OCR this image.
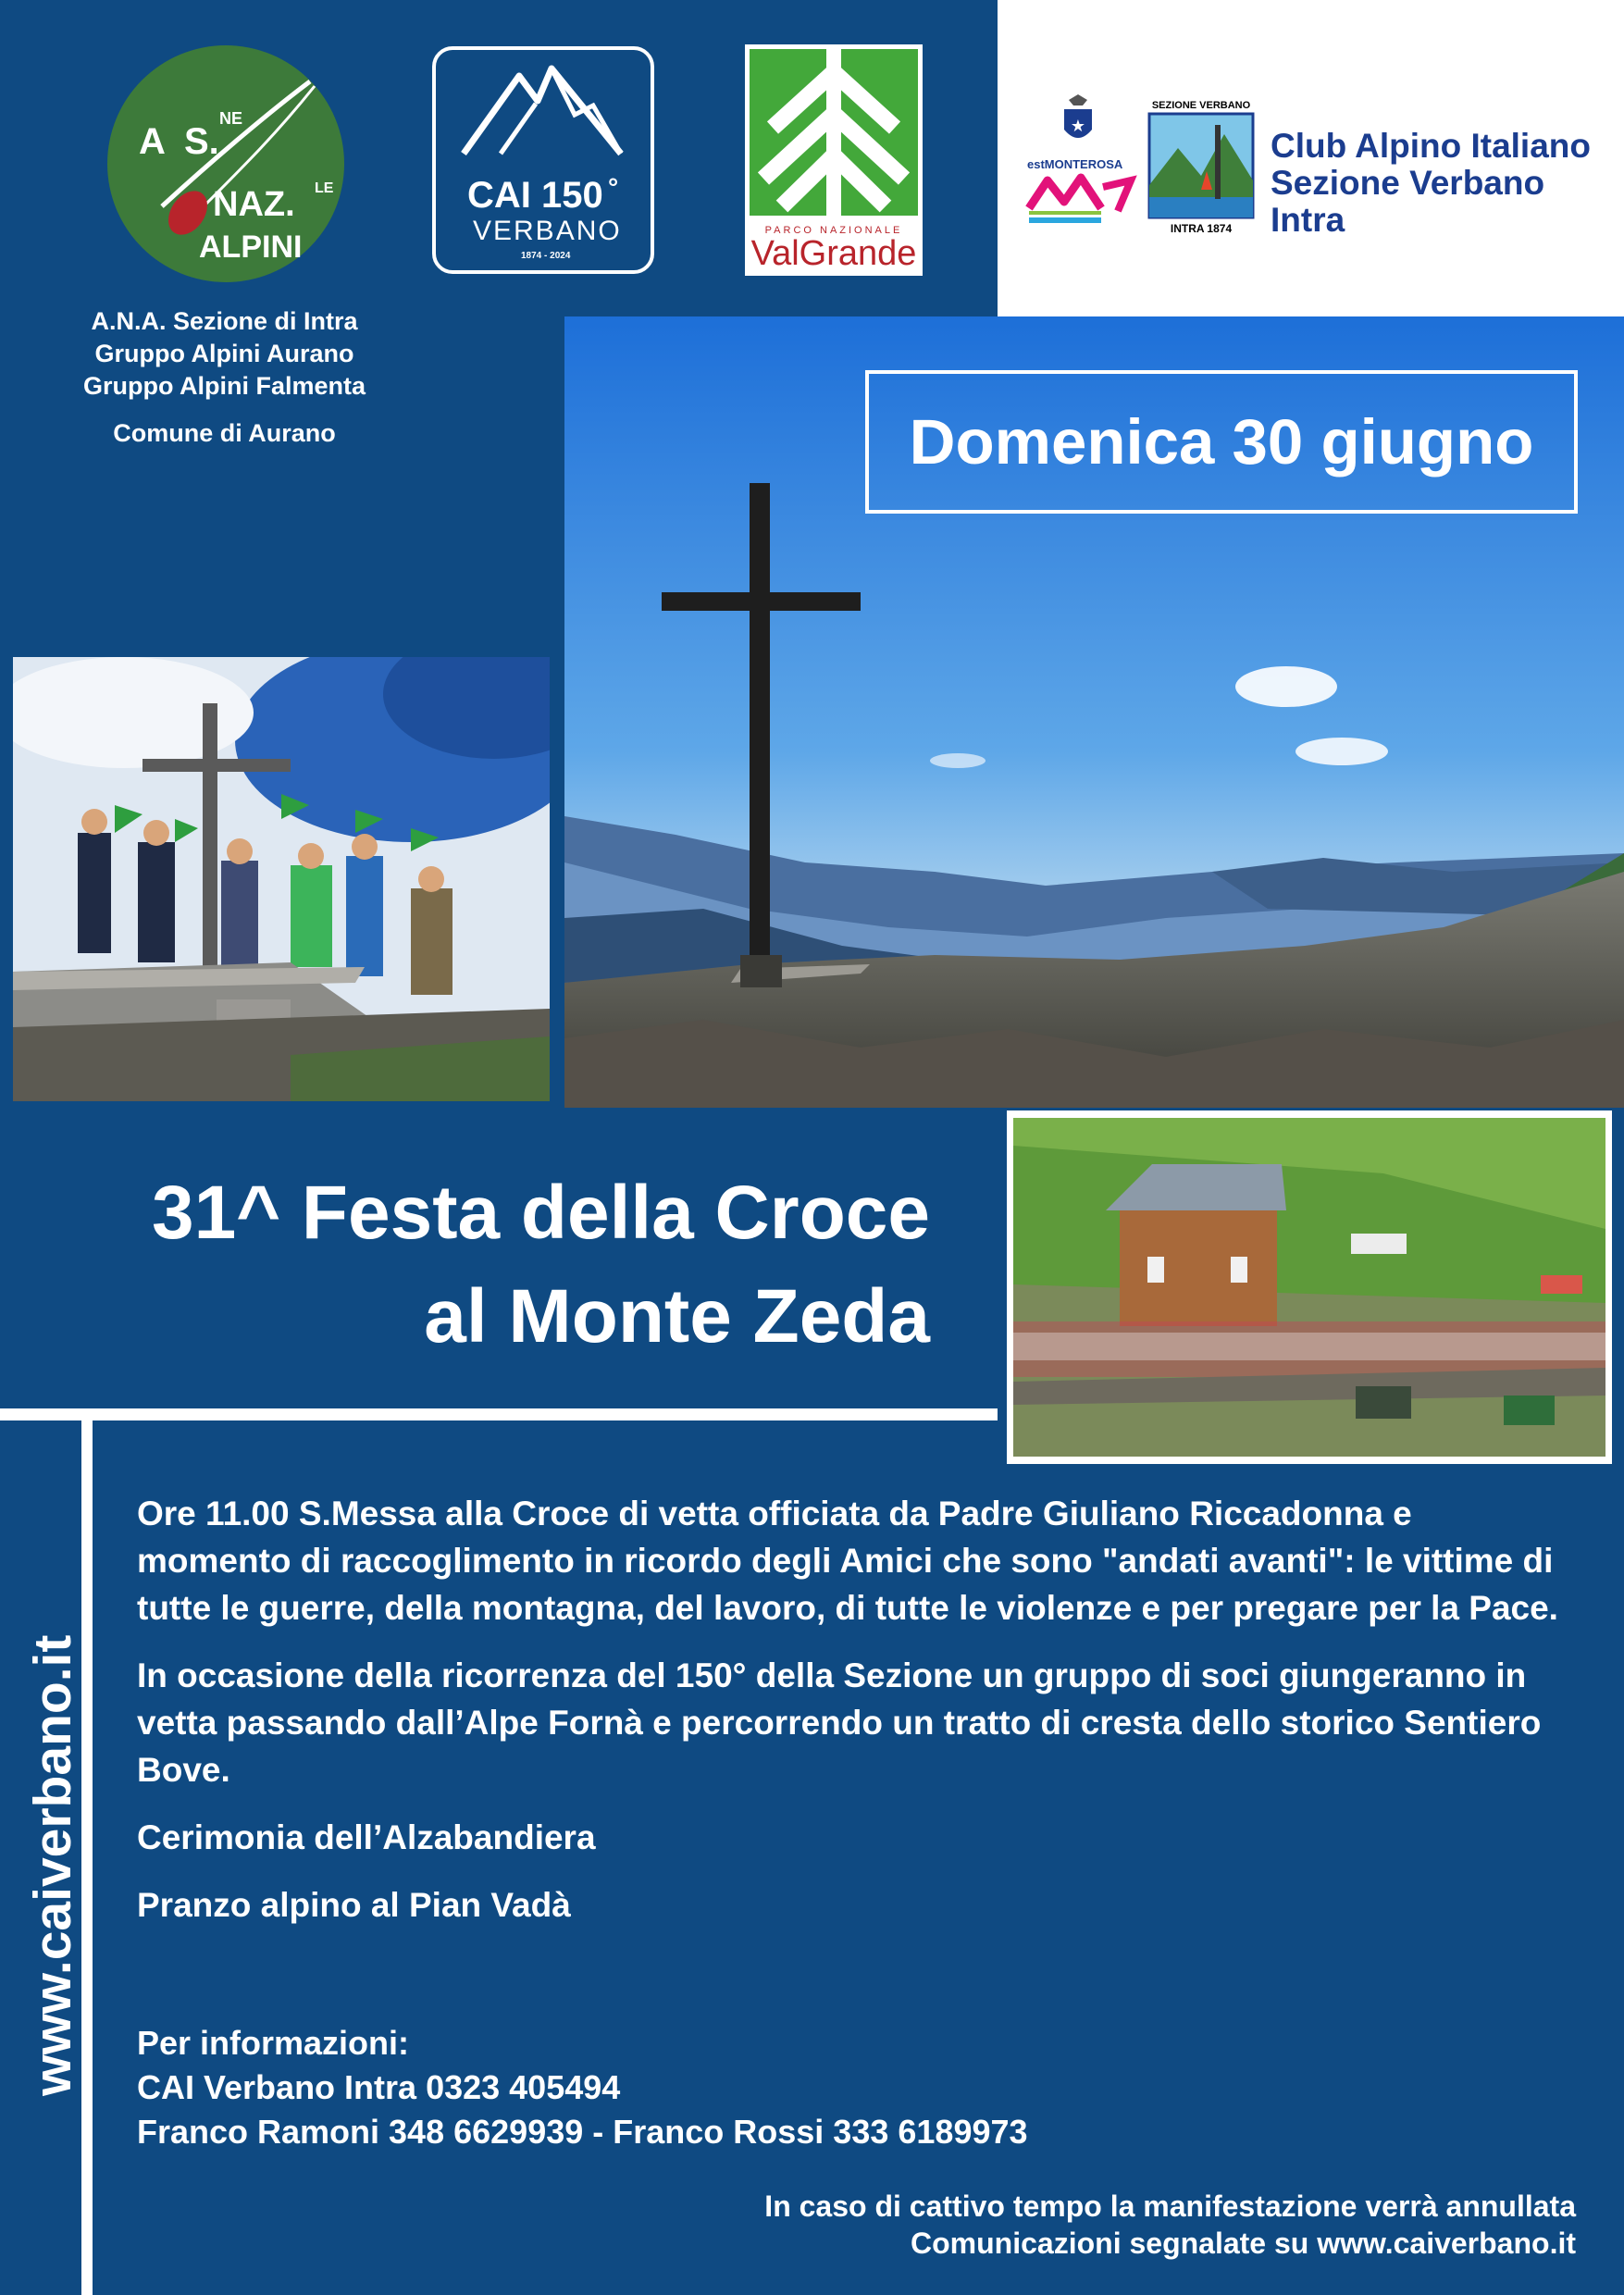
A S.
NE
NAZ. LE
ALPINI
CAI 150 °
VERBANO
1874 - 2024
PARCO NAZIONALE
ValGrande
★
estMONTEROSA
SEZIONE VERBANO
INTRA 1874
Club Alpino Italiano
Sezione Verbano Intra
A.N.A. Sezione di Intra
Gruppo Alpini Aurano
Gruppo Alpini Falmenta
Comune di Aurano	Domenica 30 giugno
31^ Festa della Croce
al Monte Zeda
www.caiverbano.it

Ore 11.00 S.Messa alla Croce di vetta officiata da Padre Giuliano Riccadonna e momento di raccoglimento in ricordo degli Amici che sono "andati avanti": le vittime di tutte le guerre, della montagna, del lavoro, di tutte le violenze e per pregare per la Pace.

In occasione della ricorrenza del 150° della Sezione un gruppo di soci giungeranno in vetta passando dall’Alpe Fornà e percorrendo un tratto di cresta dello storico Sentiero Bove.

Cerimonia dell’Alzabandiera

Pranzo alpino al Pian Vadà

Per informazioni:
CAI Verbano Intra 0323 405494
Franco Ramoni 348 6629939 - Franco Rossi 333 6189973
In caso di cattivo tempo la manifestazione verrà annullata
Comunicazioni segnalate su www.caiverbano.it
